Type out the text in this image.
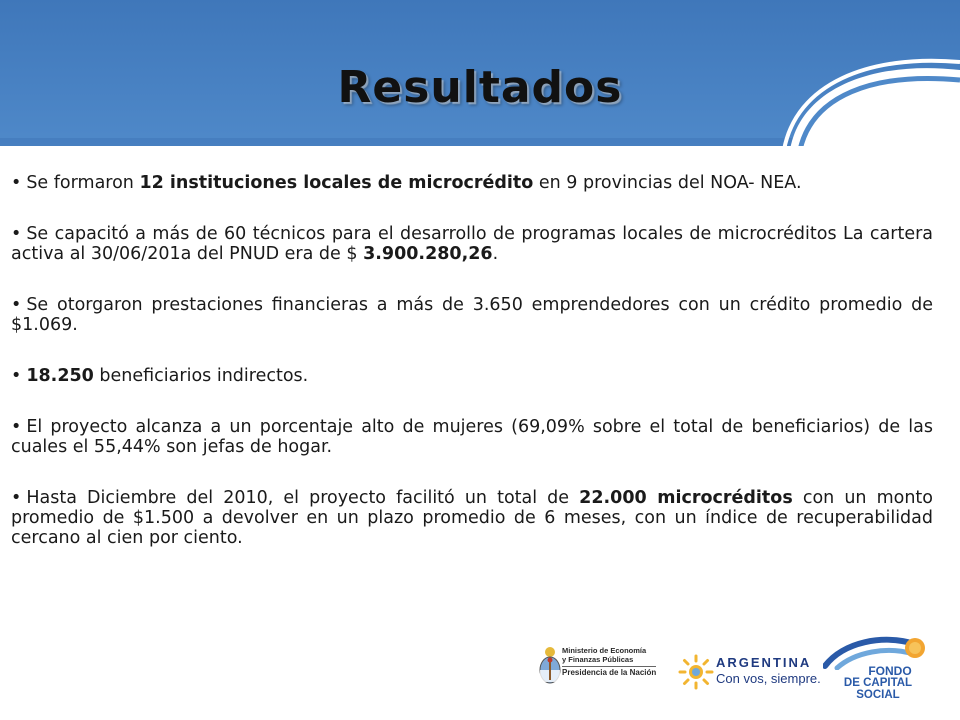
Resultados

• Se formaron 12 instituciones locales de microcrédito en 9 provincias del NOA- NEA.

• Se capacitó a más de 60 técnicos para el desarrollo de programas locales de microcréditos La cartera activa al 30/06/201a del PNUD era de $ 3.900.280,26.

• Se otorgaron prestaciones financieras a más de 3.650 emprendedores con un crédito promedio de $1.069.

• 18.250 beneficiarios indirectos.

• El proyecto alcanza a un porcentaje alto de mujeres (69,09% sobre el total de beneficiarios) de las cuales el 55,44% son jefas de hogar.

• Hasta Diciembre del 2010, el proyecto facilitó un total de 22.000 microcréditos con un monto promedio de $1.500 a devolver en un plazo promedio de 6 meses, con un índice de recuperabilidad cercano al cien por ciento.

Ministerio de Economía
y Finanzas Públicas
Presidencia de la Nación
ARGENTINA
Con vos, siempre.	FONDO
DE CAPITAL SOCIAL
